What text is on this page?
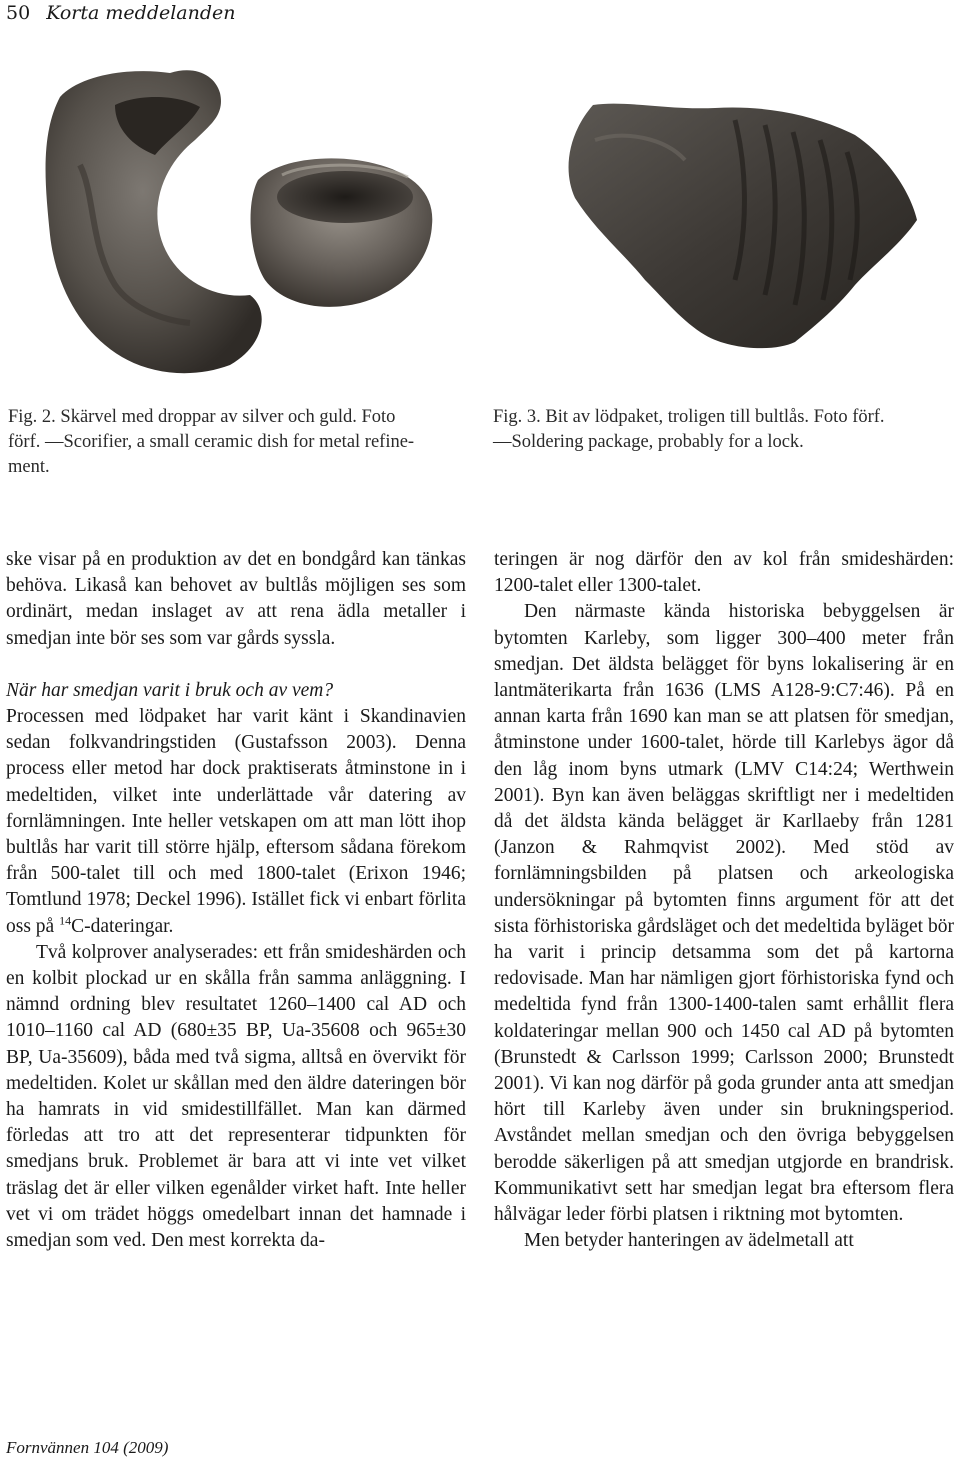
50 Korta meddelanden
Fig. 2. Skärvel med droppar av silver och guld. Foto
förf. —Scorifier, a small ceramic dish for metal refine-
ment.
Fig. 3. Bit av lödpaket, troligen till bultlås. Foto förf.
—Soldering package, probably for a lock.

ske visar på en produktion av det en bondgård kan tänkas behöva. Likaså kan behovet av bultlås möjligen ses som ordinärt, medan inslaget av att rena ädla metaller i smedjan inte bör ses som var gårds syssla.

När har smedjan varit i bruk och av vem?

Processen med lödpaket har varit känt i Skandinavien sedan folkvandringstiden (Gustafsson 2003). Denna process eller metod har dock praktiserats åtminstone in i medeltiden, vilket inte underlättade vår datering av fornlämningen. Inte heller vetskapen om att man lött ihop bultlås har varit till större hjälp, eftersom sådana förekom från 500-talet till och med 1800-talet (Erixon 1946; Tomtlund 1978; Deckel 1996). Istället fick vi enbart förlita oss på $^{14}$C-dateringar.

Två kolprover analyserades: ett från smideshärden och en kolbit plockad ur en skålla från samma anläggning. I nämnd ordning blev resultatet 1260–1400 cal AD och 1010–1160 cal AD (680±35 BP, Ua-35608 och 965±30 BP, Ua-35609), båda med två sigma, alltså en övervikt för medeltiden. Kolet ur skållan med den äldre dateringen bör ha hamrats in vid smidestillfället. Man kan därmed förledas att tro att det representerar tidpunkten för smedjans bruk. Problemet är bara att vi inte vet vilket träslag det är eller vilken egenålder virket haft. Inte heller vet vi om trädet höggs omedelbart innan det hamnade i smedjan som ved. Den mest korrekta da-

teringen är nog därför den av kol från smideshärden: 1200-talet eller 1300-talet.

Den närmaste kända historiska bebyggelsen är bytomten Karleby, som ligger 300–400 meter från smedjan. Det äldsta belägget för byns lokalisering är en lantmäterikarta från 1636 (LMS A128-9:C7:46). På en annan karta från 1690 kan man se att platsen för smedjan, åtminstone under 1600-talet, hörde till Karlebys ägor då den låg inom byns utmark (LMV C14:24; Werthwein 2001). Byn kan även beläggas skriftligt ner i medeltiden då det äldsta kända belägget är Karllaeby från 1281 (Janzon & Rahmqvist 2002). Med stöd av fornlämningsbilden på platsen och arkeologiska undersökningar på bytomten finns argument för att det sista förhistoriska gårdsläget och det medeltida byläget bör ha varit i princip detsamma som det på kartorna redovisade. Man har nämligen gjort förhistoriska fynd och medeltida fynd från 1300-1400-talen samt erhållit flera koldateringar mellan 900 och 1450 cal AD på bytomten (Brunstedt & Carlsson 1999; Carlsson 2000; Brunstedt 2001). Vi kan nog därför på goda grunder anta att smedjan hört till Karleby även under sin brukningsperiod. Avståndet mellan smedjan och den övriga bebyggelsen berodde säkerligen på att smedjan utgjorde en brandrisk. Kommunikativt sett har smedjan legat bra eftersom flera hålvägar leder förbi platsen i riktning mot bytomten.

Men betyder hanteringen av ädelmetall att

Fornvännen 104 (2009)
